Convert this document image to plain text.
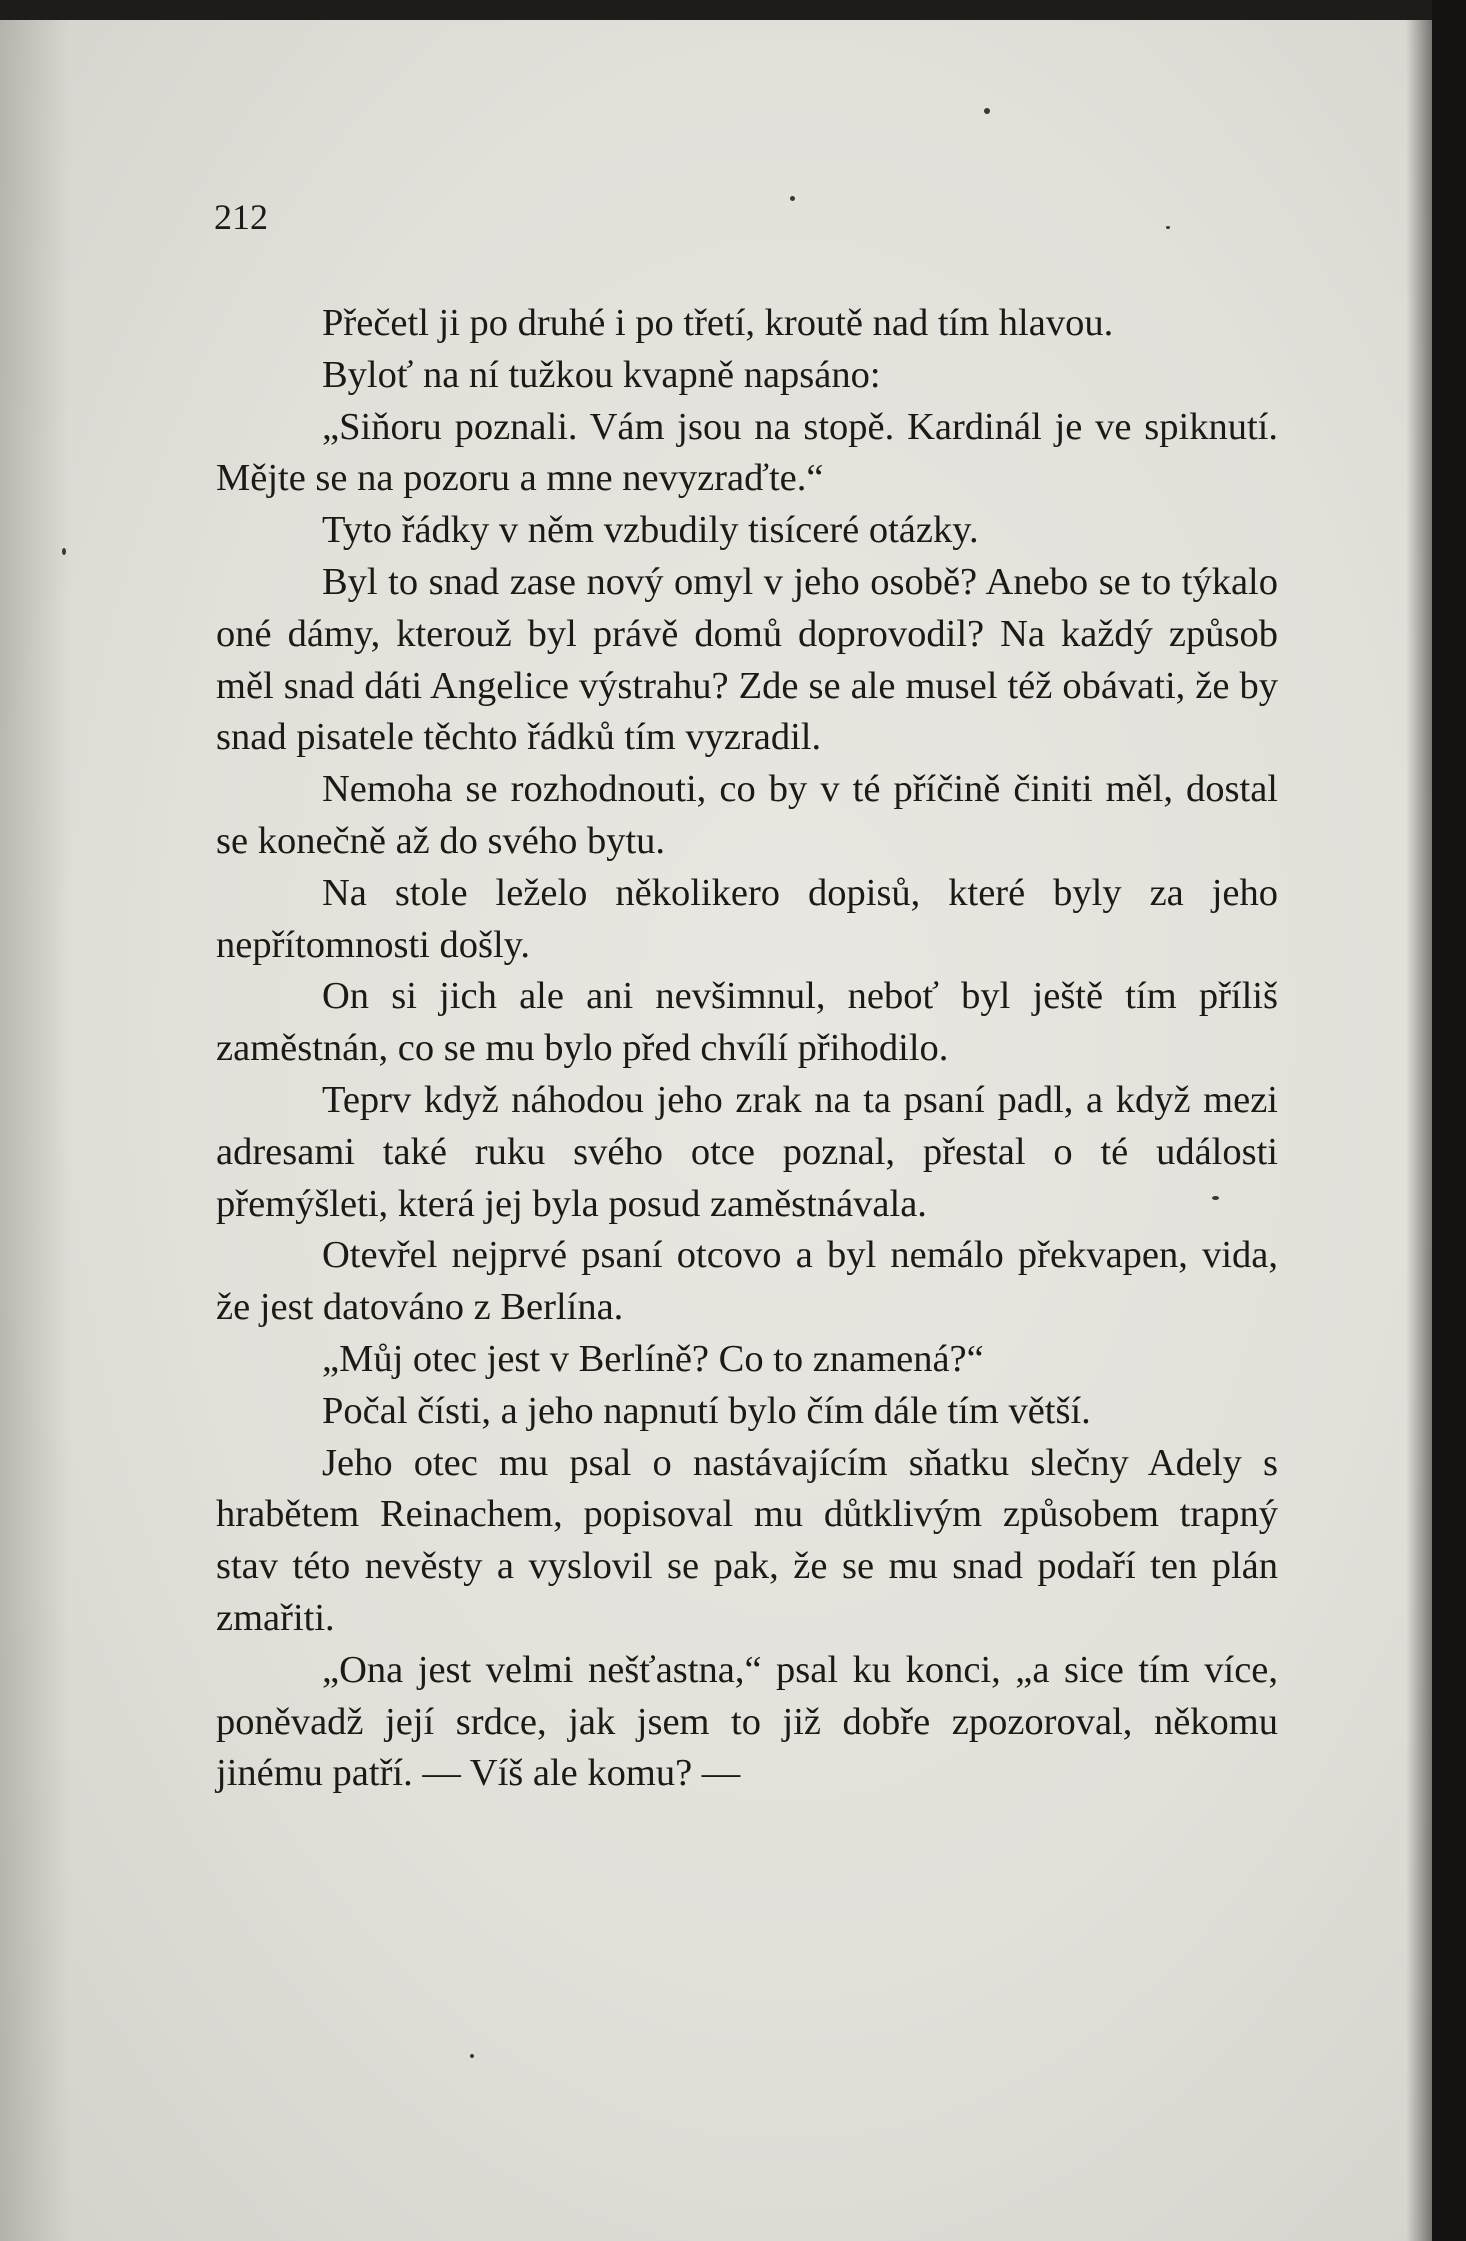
212

Přečetl ji po druhé i po třetí, kroutě nad tím hlavou.

Byloť na ní tužkou kvapně napsáno:

„Siňoru poznali. Vám jsou na stopě. Kardinál je ve spiknutí. Mějte se na pozoru a mne nevyzraďte.“

Tyto řádky v něm vzbudily tisíceré otázky.

Byl to snad zase nový omyl v jeho osobě? Anebo se to týkalo oné dámy, kterouž byl právě domů doprovodil? Na každý způsob měl snad dáti Angelice výstrahu? Zde se ale musel též obávati, že by snad pisatele těchto řádků tím vyzradil.

Nemoha se rozhodnouti, co by v té příčině činiti měl, dostal se konečně až do svého bytu.

Na stole leželo několikero dopisů, které byly za jeho nepřítomnosti došly.

On si jich ale ani nevšimnul, neboť byl ještě tím příliš zaměstnán, co se mu bylo před chvílí přihodilo.

Teprv když náhodou jeho zrak na ta psaní padl, a když mezi adresami také ruku svého otce poznal, přestal o té události přemýšleti, která jej byla posud zaměstnávala.

Otevřel nejprvé psaní otcovo a byl nemálo překvapen, vida, že jest datováno z Berlína.

„Můj otec jest v Berlíně? Co to znamená?“

Počal čísti, a jeho napnutí bylo čím dále tím větší.

Jeho otec mu psal o nastávajícím sňatku slečny Adely s hrabětem Reinachem, popisoval mu důtklivým způsobem trapný stav této nevěsty a vyslovil se pak, že se mu snad podaří ten plán zmařiti.

„Ona jest velmi nešťastna,“ psal ku konci, „a sice tím více, poněvadž její srdce, jak jsem to již dobře zpozoroval, někomu jinému patří. — Víš ale komu? —
